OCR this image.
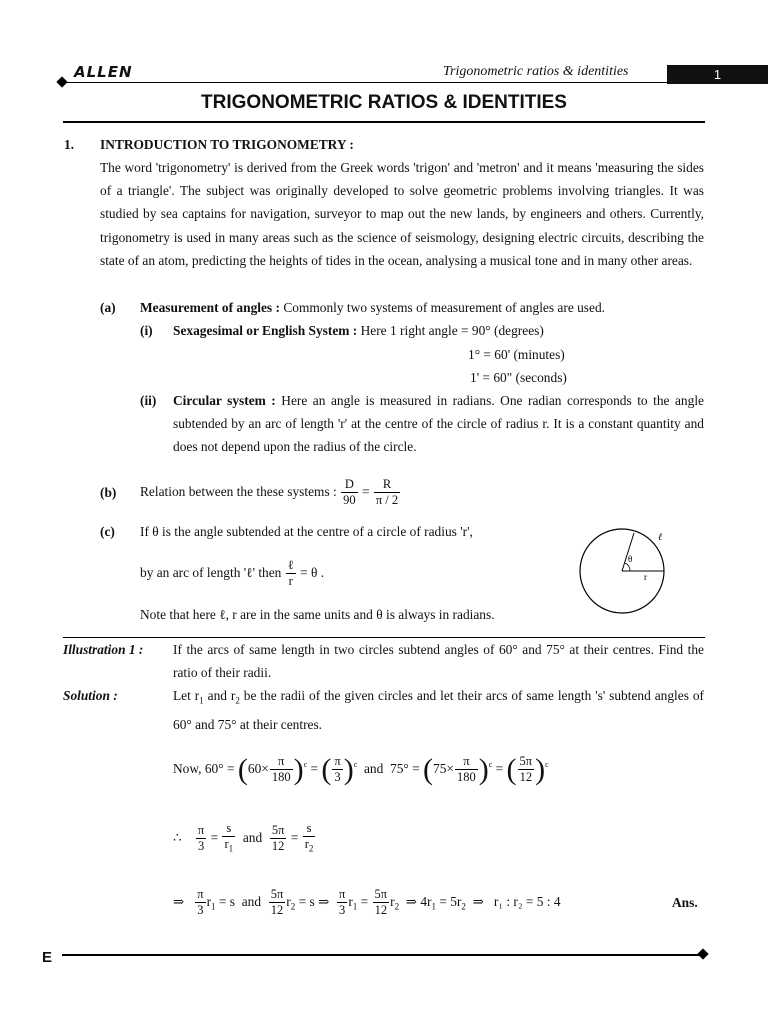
ALLEN	Trigonometric ratios & identities	1
TRIGONOMETRIC RATIOS & IDENTITIES
1. INTRODUCTION TO TRIGONOMETRY :
The word 'trigonometry' is derived from the Greek words 'trigon' and 'metron' and it means 'measuring the sides of a triangle'. The subject was originally developed to solve geometric problems involving triangles. It was studied by sea captains for navigation, surveyor to map out the new lands, by engineers and others. Currently, trigonometry is used in many areas such as the science of seismology, designing electric circuits, describing the state of an atom, predicting the heights of tides in the ocean, analysing a musical tone and in many other areas.
(a) Measurement of angles : Commonly two systems of measurement of angles are used.
(i) Sexagesimal or English System : Here 1 right angle = 90° (degrees)
1° = 60' (minutes)
1' = 60" (seconds)
(ii) Circular system : Here an angle is measured in radians. One radian corresponds to the angle subtended by an arc of length 'r' at the centre of the circle of radius r. It is a constant quantity and does not depend upon the radius of the circle.
(b) Relation between the these systems : $\frac{D}{90} = \frac{R}{\pi / 2}$
(c) If θ is the angle subtended at the centre of a circle of radius 'r',
by an arc of length 'ℓ' then $\frac{\text{ℓ}}{r} = \theta$ .
Note that here ℓ, r are in the same units and θ is always in radians.
θ
r
ℓ
Illustration 1 : If the arcs of same length in two circles subtend angles of 60° and 75° at their centres. Find the ratio of their radii.
Solution :	Let $r_1$ and $r_2$ be the radii of the given circles and let their arcs of same length 's' subtend angles of 60° and 75° at their centres.
Now, $60^\circ = (60\times \frac{\pi}{180} )^c$ = ( $\frac{\pi}{3} )^c$ and  $75^\circ = (75\times \frac{\pi}{180} )^c$ = ( $\frac{5\pi}{12} )^c$
∴ $\frac{\pi}{3} = \frac{s}{r_1}$ and $\frac{5\pi}{12} = \frac{s}{r_2}$
⇒ $\frac{\pi}{3} r_1 = s$  and $\frac{5\pi}{12} r_2 = s$ ⇒ $\frac{\pi}{3} r_1 = \frac{5\pi}{12} r_2$  ⇒ $4r_1 = 5r_2$  ⇒   r₁ : r₂ = 5 : 4	Ans.
E
